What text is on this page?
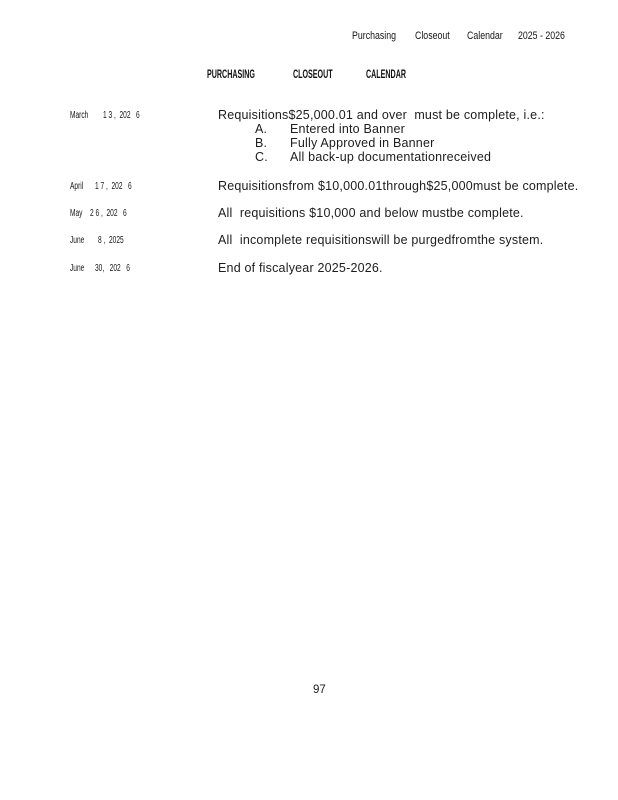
Purchasing Closeout Calendar 2025 - 2026
PURCHASING	CLOSEOUT	CALENDAR
March 1 3 ,  202   6	Requisitions$25,000.01 and over  must be complete, i.e.:
A. Entered into Banner
B. Fully Approved in Banner
C. All back-up documentationreceived
April 1 7 ,  202   6	Requisitionsfrom $10,000.01through$25,000must be complete.
May 2 6 ,  202   6	All  requisitions $10,000 and below mustbe complete.
June 8 ,  2025	All  incomplete requisitionswill be purgedfromthe system.
June 30,   202   6	End of fiscalyear 2025-2026.
97
